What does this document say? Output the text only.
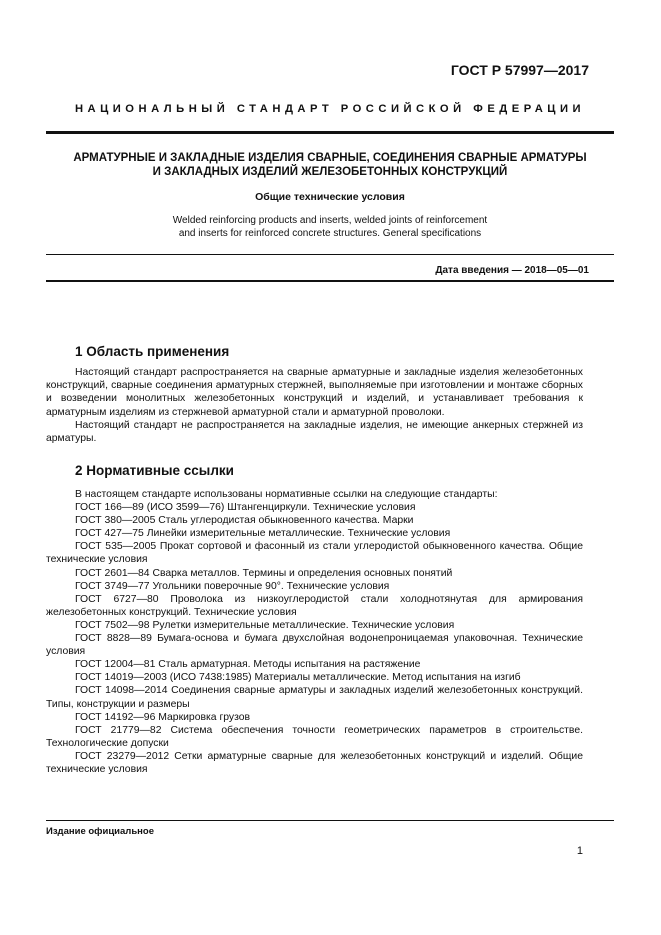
ГОСТ Р 57997—2017
НАЦИОНАЛЬНЫЙ СТАНДАРТ РОССИЙСКОЙ ФЕДЕРАЦИИ
АРМАТУРНЫЕ И ЗАКЛАДНЫЕ ИЗДЕЛИЯ СВАРНЫЕ, СОЕДИНЕНИЯ СВАРНЫЕ АРМАТУРЫ
И ЗАКЛАДНЫХ ИЗДЕЛИЙ ЖЕЛЕЗОБЕТОННЫХ КОНСТРУКЦИЙ
Общие технические условия
Welded reinforcing products and inserts, welded joints of reinforcement
and inserts for reinforced concrete structures. General specifications
Дата введения — 2018—05—01
1 Область применения

Настоящий стандарт распространяется на сварные арматурные и закладные изделия железобетонных конструкций, сварные соединения арматурных стержней, выполняемые при изготовлении и монтаже сборных и возведении монолитных железобетонных конструкций и изделий, и устанавливает требования к арматурным изделиям из стержневой арматурной стали и арматурной проволоки.

Настоящий стандарт не распространяется на закладные изделия, не имеющие анкерных стержней из арматуры.

2 Нормативные ссылки
В настоящем стандарте использованы нормативные ссылки на следующие стандарты:
ГОСТ 166—89 (ИСО 3599—76) Штангенциркули. Технические условия
ГОСТ 380—2005 Сталь углеродистая обыкновенного качества. Марки
ГОСТ 427—75 Линейки измерительные металлические. Технические условия
ГОСТ 535—2005 Прокат сортовой и фасонный из стали углеродистой обыкновенного качества. Общие технические условия
ГОСТ 2601—84 Сварка металлов. Термины и определения основных понятий
ГОСТ 3749—77 Угольники поверочные 90°. Технические условия
ГОСТ 6727—80 Проволока из низкоуглеродистой стали холоднотянутая для армирования железобетонных конструкций. Технические условия
ГОСТ 7502—98 Рулетки измерительные металлические. Технические условия
ГОСТ 8828—89 Бумага-основа и бумага двухслойная водонепроницаемая упаковочная. Технические условия
ГОСТ 12004—81 Сталь арматурная. Методы испытания на растяжение
ГОСТ 14019—2003 (ИСО 7438:1985) Материалы металлические. Метод испытания на изгиб
ГОСТ 14098—2014 Соединения сварные арматуры и закладных изделий железобетонных конструкций. Типы, конструкции и размеры
ГОСТ 14192—96 Маркировка грузов
ГОСТ 21779—82 Система обеспечения точности геометрических параметров в строительстве. Технологические допуски
ГОСТ 23279—2012 Сетки арматурные сварные для железобетонных конструкций и изделий. Общие технические условия
Издание официальное
1
